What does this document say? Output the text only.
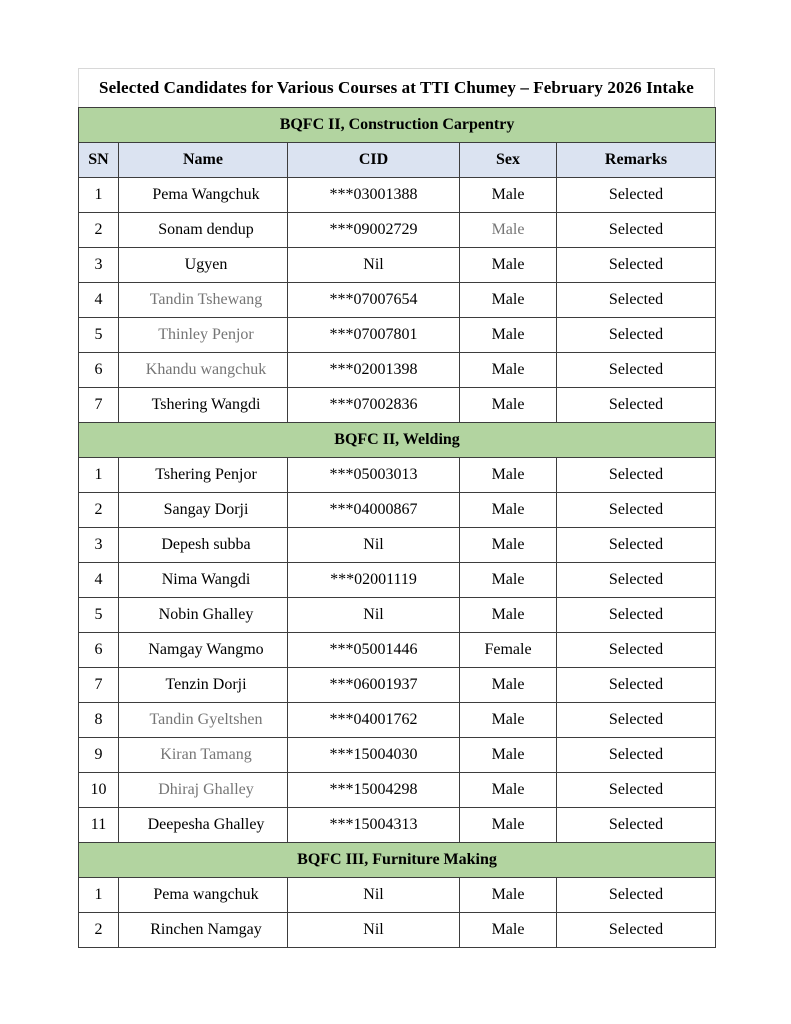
Selected Candidates for Various Courses at TTI Chumey – February 2026 Intake
BQFC II, Construction Carpentry				
SN	Name	CID	Sex	Remarks
1	Pema Wangchuk	***03001388	Male	Selected
2	Sonam dendup	***09002729	Male	Selected
3	Ugyen	Nil	Male	Selected
4	Tandin Tshewang	***07007654	Male	Selected
5	Thinley Penjor	***07007801	Male	Selected
6	Khandu wangchuk	***02001398	Male	Selected
7	Tshering Wangdi	***07002836	Male	Selected
BQFC II, Welding				
1	Tshering Penjor	***05003013	Male	Selected
2	Sangay Dorji	***04000867	Male	Selected
3	Depesh subba	Nil	Male	Selected
4	Nima Wangdi	***02001119	Male	Selected
5	Nobin Ghalley	Nil	Male	Selected
6	Namgay Wangmo	***05001446	Female	Selected
7	Tenzin Dorji	***06001937	Male	Selected
8	Tandin Gyeltshen	***04001762	Male	Selected
9	Kiran Tamang	***15004030	Male	Selected
10	Dhiraj Ghalley	***15004298	Male	Selected
11	Deepesha Ghalley	***15004313	Male	Selected
BQFC III, Furniture Making				
1	Pema wangchuk	Nil	Male	Selected
2	Rinchen Namgay	Nil	Male	Selected
